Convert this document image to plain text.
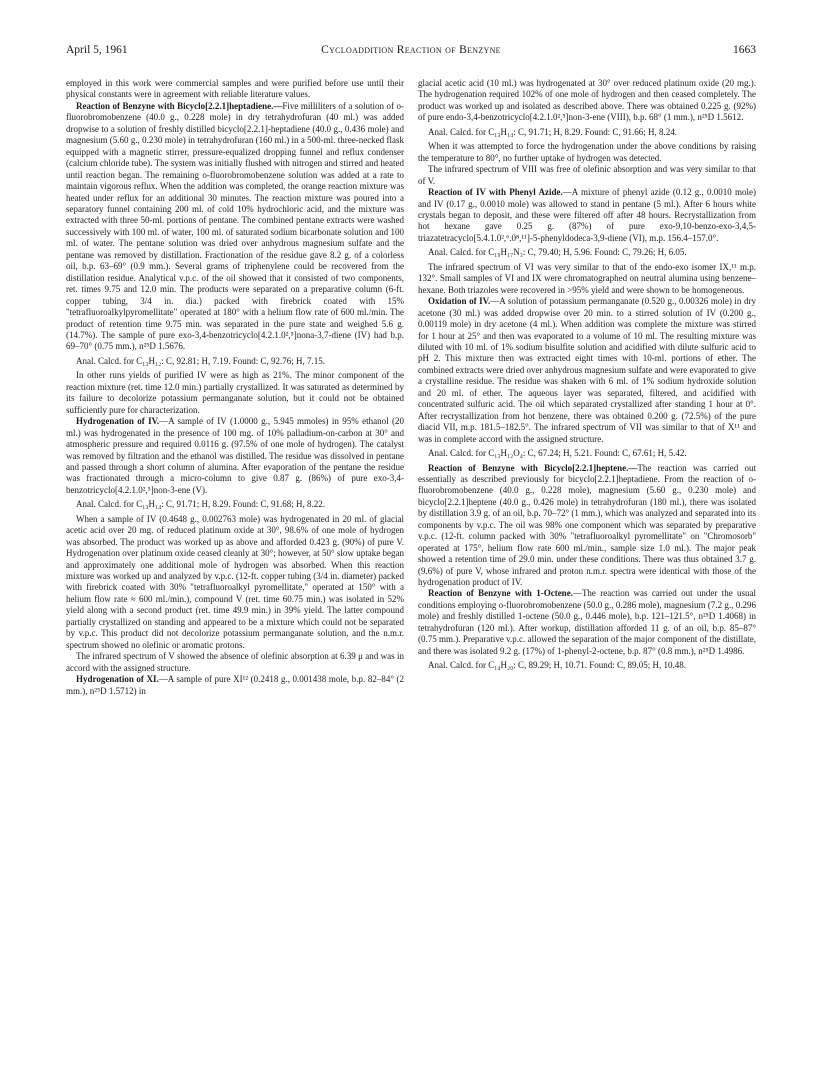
April 5, 1961	Cycloaddition Reaction of Benzyne	1663

employed in this work were commercial samples and were purified before use until their physical constants were in agreement with reliable literature values.

Reaction of Benzyne with Bicyclo[2.2.1]heptadiene.—Five milliliters of a solution of o-fluorobromobenzene (40.0 g., 0.228 mole) in dry tetrahydrofuran (40 ml.) was added dropwise to a solution of freshly distilled bicyclo[2.2.1]-heptadiene (40.0 g., 0.436 mole) and magnesium (5.60 g., 0.230 mole) in tetrahydrofuran (160 ml.) in a 500-ml. three-necked flask equipped with a magnetic stirrer, pressure-equalized dropping funnel and reflux condenser (calcium chloride tube). The system was initially flushed with nitrogen and stirred and heated until reaction began. The remaining o-fluorobromobenzene solution was added at a rate to maintain vigorous reflux. When the addition was completed, the orange reaction mixture was heated under reflux for an additional 30 minutes. The reaction mixture was poured into a separatory funnel containing 200 ml. of cold 10% hydrochloric acid, and the mixture was extracted with three 50-ml. portions of pentane. The combined pentane extracts were washed successively with 100 ml. of water, 100 ml. of saturated sodium bicarbonate solution and 100 ml. of water. The pentane solution was dried over anhydrous magnesium sulfate and the pentane was removed by distillation. Fractionation of the residue gave 8.2 g. of a colorless oil, b.p. 63–69° (0.9 mm.). Several grams of triphenylene could be recovered from the distillation residue. Analytical v.p.c. of the oil showed that it consisted of two components, ret. times 9.75 and 12.0 min. The products were separated on a preparative column (6-ft. copper tubing, 3/4 in. dia.) packed with firebrick coated with 15% "tetrafluoroalkylpyromellitate" operated at 180° with a helium flow rate of 600 ml./min. The product of retention time 9.75 min. was separated in the pure state and weighed 5.6 g. (14.7%). The sample of pure exo-3,4-benzotricyclo[4.2.1.0²,⁵]nona-3,7-diene (IV) had b.p. 69–70° (0.75 mm.), n²⁵D 1.5676.

Anal. Calcd. for C₁₃H₁₂: C, 92.81; H, 7.19. Found: C, 92.76; H, 7.15.

In other runs yields of purified IV were as high as 21%. The minor component of the reaction mixture (ret. time 12.0 min.) partially crystallized. It was saturated as determined by its failure to decolorize potassium permanganate solution, but it could not be obtained sufficiently pure for characterization.

Hydrogenation of IV.—A sample of IV (1.0000 g., 5.945 mmoles) in 95% ethanol (20 ml.) was hydrogenated in the presence of 100 mg. of 10% palladium-on-carbon at 30° and atmospheric pressure and required 0.0116 g. (97.5% of one mole of hydrogen). The catalyst was removed by filtration and the ethanol was distilled. The residue was dissolved in pentane and passed through a short column of alumina. After evaporation of the pentane the residue was fractionated through a micro-column to give 0.87 g. (86%) of pure exo-3,4-benzotricyclo[4.2.1.0²,⁵]non-3-ene (V).

Anal. Calcd. for C₁₃H₁₄: C, 91.71; H, 8.29. Found: C, 91.68; H, 8.22.

When a sample of IV (0.4648 g., 0.002763 mole) was hydrogenated in 20 ml. of glacial acetic acid over 20 mg. of reduced platinum oxide at 30°, 98.6% of one mole of hydrogen was absorbed. The product was worked up as above and afforded 0.423 g. (90%) of pure V. Hydrogenation over platinum oxide ceased cleanly at 30°; however, at 50° slow uptake began and approximately one additional mole of hydrogen was absorbed. When this reaction mixture was worked up and analyzed by v.p.c. (12-ft. copper tubing (3/4 in. diameter) packed with firebrick coated with 30% "tetrafluoroalkyl pyromellitate," operated at 150° with a helium flow rate ≈ 600 ml./min.), compound V (ret. time 60.75 min.) was isolated in 52% yield along with a second product (ret. time 49.9 min.) in 39% yield. The latter compound partially crystallized on standing and appeared to be a mixture which could not be separated by v.p.c. This product did not decolorize potassium permanganate solution, and the n.m.r. spectrum showed no olefinic or aromatic protons.

The infrared spectrum of V showed the absence of olefinic absorption at 6.39 μ and was in accord with the assigned structure.

Hydrogenation of XI.—A sample of pure XI¹² (0.2418 g., 0.001438 mole, b.p. 82–84° (2 mm.), n²⁵D 1.5712) in

glacial acetic acid (10 ml.) was hydrogenated at 30° over reduced platinum oxide (20 mg.). The hydrogenation required 102% of one mole of hydrogen and then ceased completely. The product was worked up and isolated as described above. There was obtained 0.225 g. (92%) of pure endo-3,4-benzotricyclo[4.2.1.0²,⁵]non-3-ene (VIII), b.p. 68° (1 mm.), n²⁵D 1.5612.

Anal. Calcd. for C₁₃H₁₄: C, 91.71; H, 8.29. Found: C, 91.66; H, 8.24.

When it was attempted to force the hydrogenation under the above conditions by raising the temperature to 80°, no further uptake of hydrogen was detected.

The infrared spectrum of VIII was free of olefinic absorption and was very similar to that of V.

Reaction of IV with Phenyl Azide.—A mixture of phenyl azide (0.12 g., 0.0010 mole) and IV (0.17 g., 0.0010 mole) was allowed to stand in pentane (5 ml.). After 6 hours white crystals began to deposit, and these were filtered off after 48 hours. Recrystallization from hot hexane gave 0.25 g. (87%) of pure exo-9,10-benzo-exo-3,4,5-triazatetracyclo[5.4.1.0²,⁶.0⁸,¹¹]-5-phenyldodeca-3,9-diene (VI), m.p. 156.4–157.0°.

Anal. Calcd. for C₁₉H₁₇N₃: C, 79.40; H, 5.96. Found: C, 79.26; H, 6.05.

The infrared spectrum of VI was very similar to that of the endo-exo isomer IX,¹¹ m.p. 132°. Small samples of VI and IX were chromatographed on neutral alumina using benzene–hexane. Both triazoles were recovered in >95% yield and were shown to be homogeneous.

Oxidation of IV.—A solution of potassium permanganate (0.520 g., 0.00326 mole) in dry acetone (30 ml.) was added dropwise over 20 min. to a stirred solution of IV (0.200 g., 0.00119 mole) in dry acetone (4 ml.). When addition was complete the mixture was stirred for 1 hour at 25° and then was evaporated to a volume of 10 ml. The resulting mixture was diluted with 10 ml. of 1% sodium bisulfite solution and acidified with dilute sulfuric acid to pH 2. This mixture then was extracted eight times with 10-ml. portions of ether. The combined extracts were dried over anhydrous magnesium sulfate and were evaporated to give a crystalline residue. The residue was shaken with 6 ml. of 1% sodium hydroxide solution and 20 ml. of ether. The aqueous layer was separated, filtered, and acidified with concentrated sulfuric acid. The oil which separated crystallized after standing 1 hour at 0°. After recrystallization from hot benzene, there was obtained 0.200 g. (72.5%) of the pure diacid VII, m.p. 181.5–182.5°. The infrared spectrum of VII was similar to that of X¹¹ and was in complete accord with the assigned structure.

Anal. Calcd. for C₁₃H₁₂O₄: C, 67.24; H, 5.21. Found: C, 67.61; H, 5.42.

Reaction of Benzyne with Bicyclo[2.2.1]heptene.—The reaction was carried out essentially as described previously for bicyclo[2.2.1]heptadiene. From the reaction of o-fluorobromobenzene (40.0 g., 0.228 mole), magnesium (5.60 g., 0.230 mole) and bicyclo[2.2.1]heptene (40.0 g., 0.426 mole) in tetrahydrofuran (180 ml.), there was isolated by distillation 3.9 g. of an oil, b.p. 70–72° (1 mm.), which was analyzed and separated into its components by v.p.c. The oil was 98% one component which was separated by preparative v.p.c. (12-ft. column packed with 30% "tetrafluoroalkyl pyromellitate" on "Chromosorb" operated at 175°, helium flow rate 600 ml./min., sample size 1.0 ml.). The major peak showed a retention time of 29.0 min. under these conditions. There was thus obtained 3.7 g. (9.6%) of pure V, whose infrared and proton n.m.r. spectra were identical with those of the hydrogenation product of IV.

Reaction of Benzyne with 1-Octene.—The reaction was carried out under the usual conditions employing o-fluorobromobenzene (50.0 g., 0.286 mole), magnesium (7.2 g., 0.296 mole) and freshly distilled 1-octene (50.0 g., 0.446 mole), b.p. 121–121.5°, n²⁵D 1.4068) in tetrahydrofuran (120 ml.). After workup, distillation afforded 11 g. of an oil, b.p. 85–87° (0.75 mm.). Preparative v.p.c. allowed the separation of the major component of the distillate, and there was isolated 9.2 g. (17%) of 1-phenyl-2-octene, b.p. 87° (0.8 mm.), n²⁵D 1.4986.

Anal. Calcd. for C₁₄H₂₀: C, 89.29; H, 10.71. Found: C, 89.05; H, 10.48.
